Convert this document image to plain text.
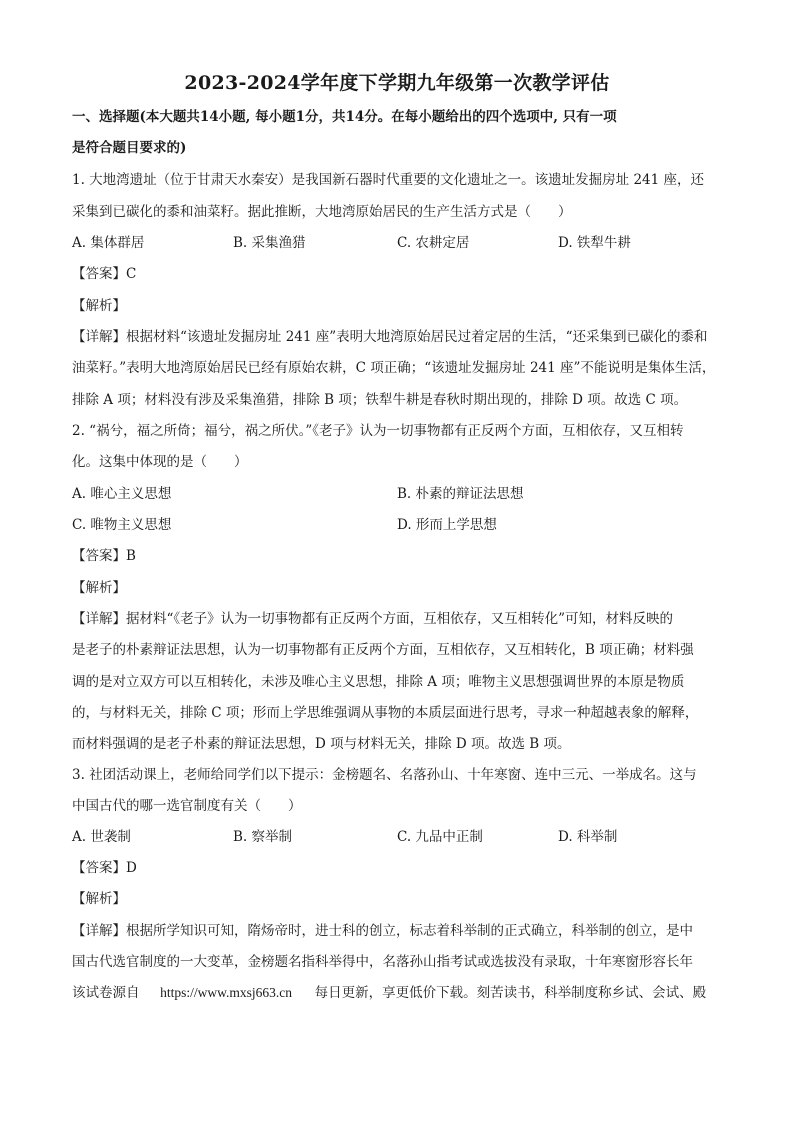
2023-2024学年度下学期九年级第一次教学评估
一、选择题(本大题共14小题, 每小题1分，共14分。在每小题给出的四个选项中, 只有一项
是符合题目要求的)
1. 大地湾遗址（位于甘肃天水秦安）是我国新石器时代重要的文化遗址之一。该遗址发掘房址 241 座，还
采集到已碳化的黍和油菜籽。据此推断，大地湾原始居民的生产生活方式是（　　）
A. 集体群居	B. 采集渔猎	C. 农耕定居	D. 铁犁牛耕
【答案】C
【解析】
【详解】根据材料“该遗址发掘房址 241 座”表明大地湾原始居民过着定居的生活，“还采集到已碳化的黍和
油菜籽。”表明大地湾原始居民已经有原始农耕，C 项正确；“该遗址发掘房址 241 座”不能说明是集体生活，
排除 A 项；材料没有涉及采集渔猎，排除 B 项；铁犁牛耕是春秋时期出现的，排除 D 项。故选 C 项。
2. “祸兮，福之所倚；福兮，祸之所伏。”《老子》认为一切事物都有正反两个方面，互相依存，又互相转
化。这集中体现的是（　　）
A. 唯心主义思想	B. 朴素的辩证法思想
C. 唯物主义思想	D. 形而上学思想
【答案】B
【解析】
【详解】据材料“《老子》认为一切事物都有正反两个方面，互相依存，又互相转化”可知，材料反映的
是老子的朴素辩证法思想，认为一切事物都有正反两个方面，互相依存，又互相转化，B 项正确；材料强
调的是对立双方可以互相转化，未涉及唯心主义思想，排除 A 项；唯物主义思想强调世界的本原是物质
的，与材料无关，排除 C 项；形而上学思维强调从事物的本质层面进行思考，寻求一种超越表象的解释，
而材料强调的是老子朴素的辩证法思想，D 项与材料无关，排除 D 项。故选 B 项。
3. 社团活动课上，老师给同学们以下提示：金榜题名、名落孙山、十年寒窗、连中三元、一举成名。这与
中国古代的哪一选官制度有关（　　）
A. 世袭制	B. 察举制	C. 九品中正制	D. 科举制
【答案】D
【解析】
【详解】根据所学知识可知，隋炀帝时，进士科的创立，标志着科举制的正式确立，科举制的创立，是中
国古代选官制度的一大变革，金榜题名指科举得中，名落孙山指考试或选拔没有录取，十年寒窗形容长年
该试卷源自 https://www.mxsj663.cn 每日更新，享更低价下载。刻苦读书，科举制度称乡试、会试、殿
